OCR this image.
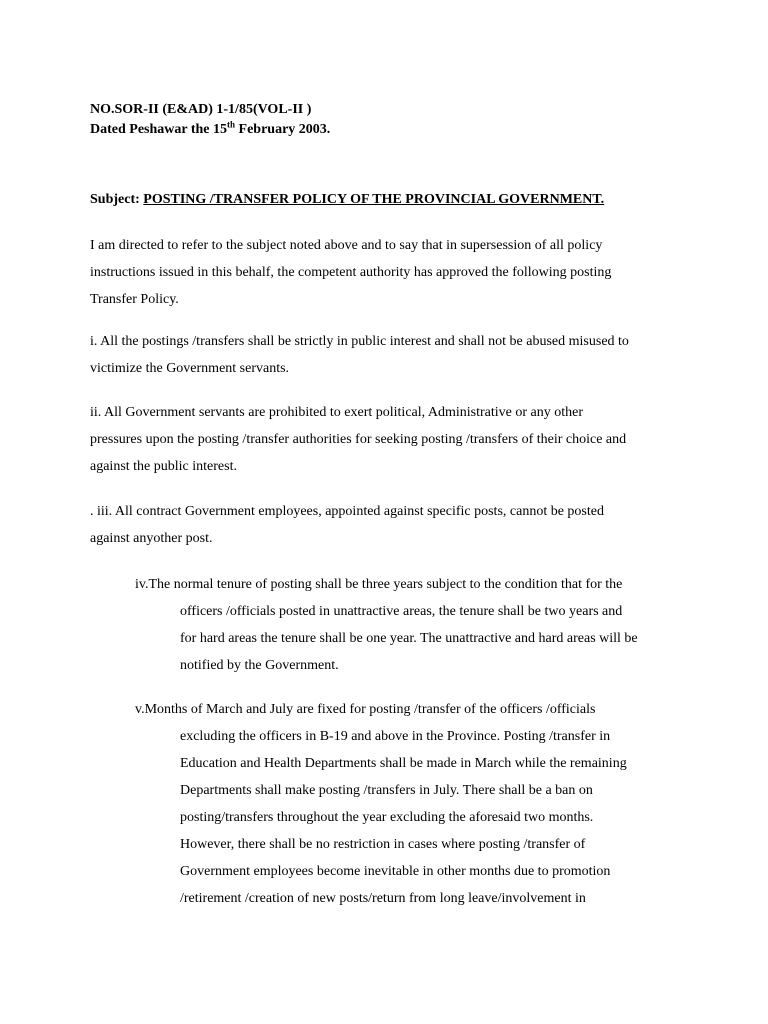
NO.SOR-II (E&AD) 1-1/85(VOL-II )
Dated Peshawar the 15th February 2003.
Subject: POSTING /TRANSFER POLICY OF THE PROVINCIAL GOVERNMENT.
I am directed to refer to the subject noted above and to say that in supersession of all policy
instructions issued in this behalf, the competent authority has approved the following posting
Transfer Policy.
i. All the postings /transfers shall be strictly in public interest and shall not be abused misused to
victimize the Government servants.
ii. All Government servants are prohibited to exert political, Administrative or any other
pressures upon the posting /transfer authorities for seeking posting /transfers of their choice and
against the public interest.
. iii. All contract Government employees, appointed against specific posts, cannot be posted
against anyother post.
iv.The normal tenure of posting shall be three years subject to the condition that for the
officers /officials posted in unattractive areas, the tenure shall be two years and
for hard areas the tenure shall be one year. The unattractive and hard areas will be
notified by the Government.
v.Months of March and July are fixed for posting /transfer of the officers /officials
excluding the officers in B-19 and above in the Province. Posting /transfer in
Education and Health Departments shall be made in March while the remaining
Departments shall make posting /transfers in July. There shall be a ban on
posting/transfers throughout the year excluding the aforesaid two months.
However, there shall be no restriction in cases where posting /transfer of
Government employees become inevitable in other months due to promotion
/retirement /creation of new posts/return from long leave/involvement in
